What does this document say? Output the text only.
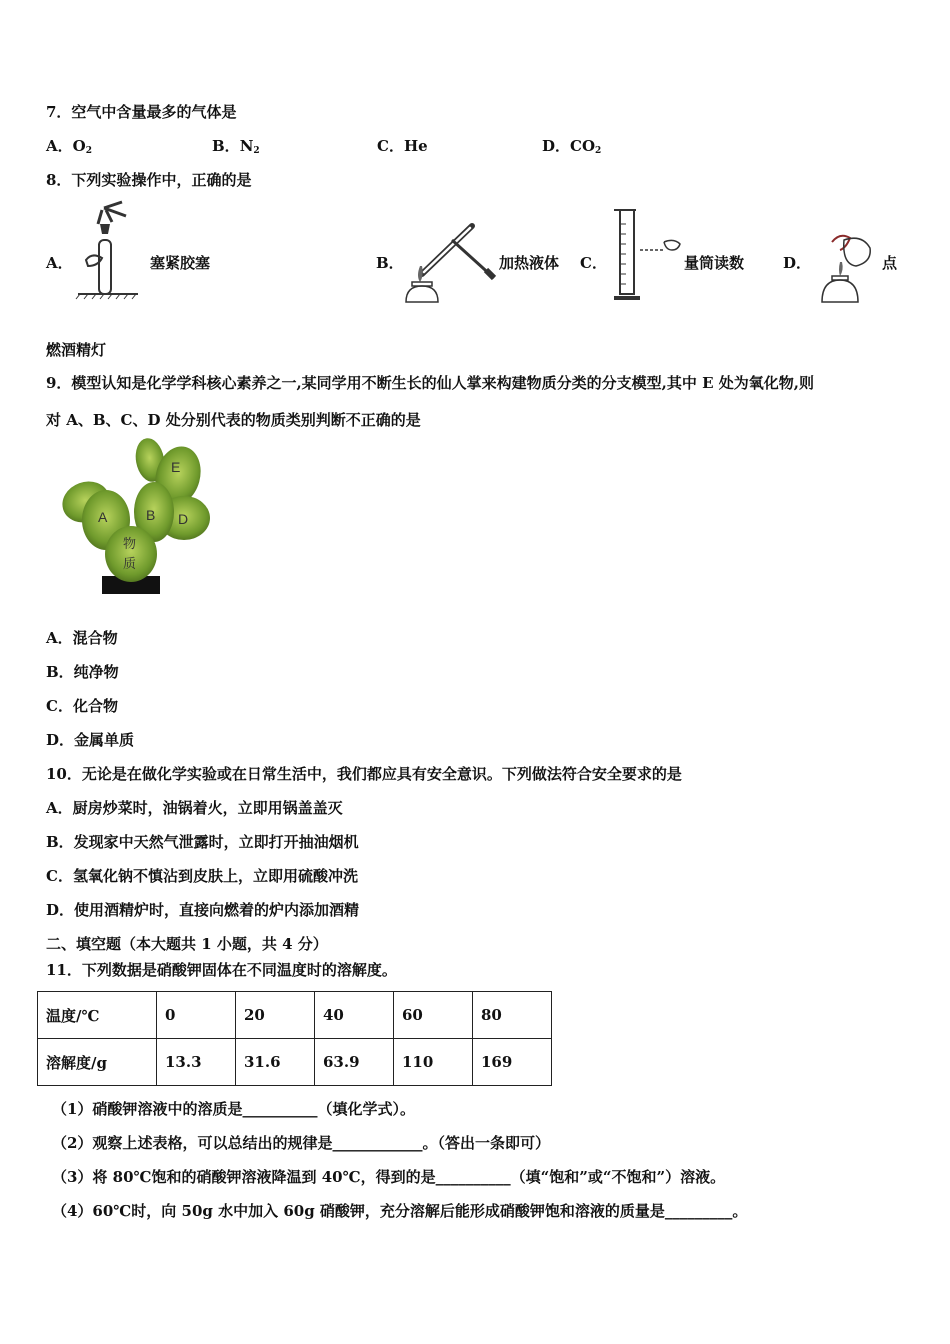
7．空气中含量最多的气体是
A．$O_2$	B．$N_2$	C．He	D．$CO_2$
8．下列实验操作中，正确的是
A．	塞紧胶塞	B．	加热液体 C．	量筒读数	D．	点
燃酒精灯
9．模型认知是化学学科核心素养之一,某同学用不断生长的仙人掌来构建物质分类的分支模型,其中 E 处为氧化物,则
对 A、B、C、D 处分别代表的物质类别判断不正确的是
E
A	B D
物
质
A．混合物
B．纯净物
C．化合物
D．金属单质
10．无论是在做化学实验或在日常生活中，我们都应具有安全意识。下列做法符合安全要求的是
A．厨房炒菜时，油锅着火，立即用锅盖盖灭
B．发现家中天然气泄露时，立即打开抽油烟机
C．氢氧化钠不慎沾到皮肤上，立即用硫酸冲洗
D．使用酒精炉时，直接向燃着的炉内添加酒精
二、填空题（本大题共 1 小题，共 4 分）
11．下列数据是硝酸钾固体在不同温度时的溶解度。
温度/℃	0	20	40	60	80
溶解度/g	13.3	31.6	63.9	110	169
（1）硝酸钾溶液中的溶质是__________（填化学式）。
（2）观察上述表格，可以总结出的规律是____________。（答出一条即可）
（3）将 80℃饱和的硝酸钾溶液降温到 40℃，得到的是__________（填“饱和”或“不饱和”）溶液。
（4）60℃时，向 50g 水中加入 60g 硝酸钾，充分溶解后能形成硝酸钾饱和溶液的质量是_________。
